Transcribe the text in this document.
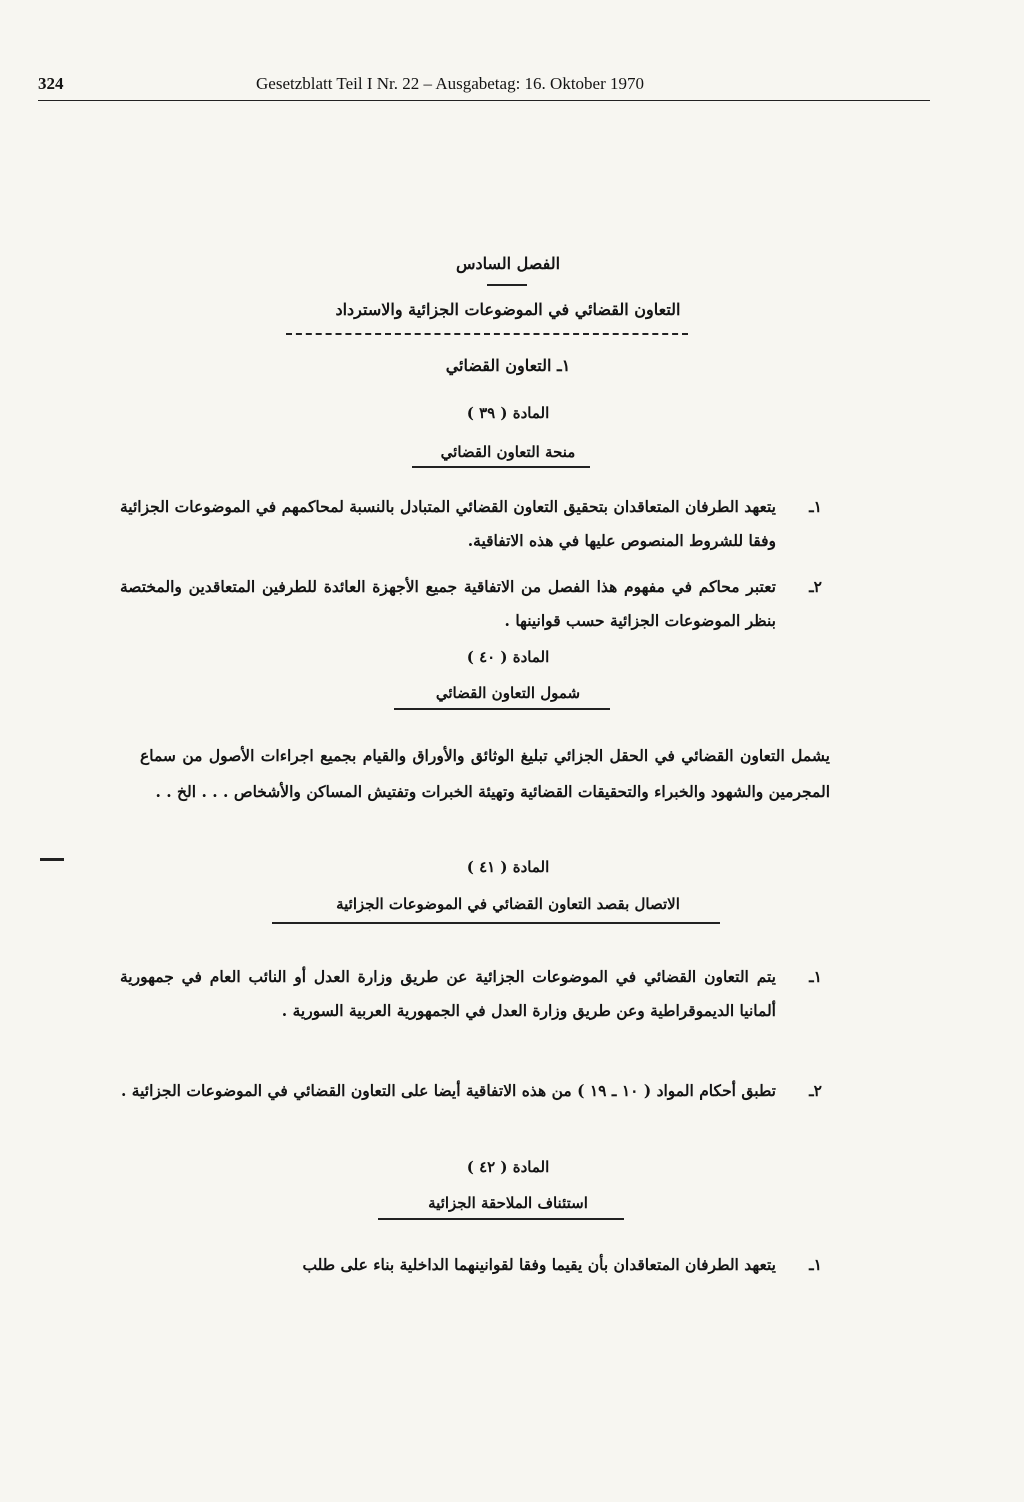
324	Gesetzblatt Teil I Nr. 22 – Ausgabetag: 16. Oktober 1970
الفصل السادس
التعاون القضائي في الموضوعات الجزائية والاسترداد
١ـ التعاون القضائي
المادة ( ٣٩ )
منحة التعاون القضائي
١ـ
يتعهد الطرفان المتعاقدان بتحقيق التعاون القضائي المتبادل بالنسبة لمحاكمهم في الموضوعات الجزائية وفقا للشروط المنصوص عليها في هذه الاتفاقية.
٢ـ
تعتبر محاكم في مفهوم هذا الفصل من الاتفاقية جميع الأجهزة العائدة للطرفين المتعاقدين والمختصة بنظر الموضوعات الجزائية حسب قوانينها .
المادة ( ٤٠ )
شمول التعاون القضائي
يشمل التعاون القضائي في الحقل الجزائي تبليغ الوثائق والأوراق والقيام بجميع اجراءات الأصول من سماع المجرمين والشهود والخبراء والتحقيقات القضائية وتهيئة الخبرات وتفتيش المساكن والأشخاص . . . الخ . .
المادة ( ٤١ )
الاتصال بقصد التعاون القضائي في الموضوعات الجزائية
١ـ
يتم التعاون القضائي في الموضوعات الجزائية عن طريق وزارة العدل أو النائب العام في جمهورية ألمانيا الديموقراطية وعن طريق وزارة العدل في الجمهورية العربية السورية .
٢ـ
تطبق أحكام المواد ( ١٠ ـ ١٩ ) من هذه الاتفاقية أيضا على التعاون القضائي في الموضوعات الجزائية .
المادة ( ٤٢ )
استئناف الملاحقة الجزائية
١ـ
يتعهد الطرفان المتعاقدان بأن يقيما وفقا لقوانينهما الداخلية بناء على طلب
